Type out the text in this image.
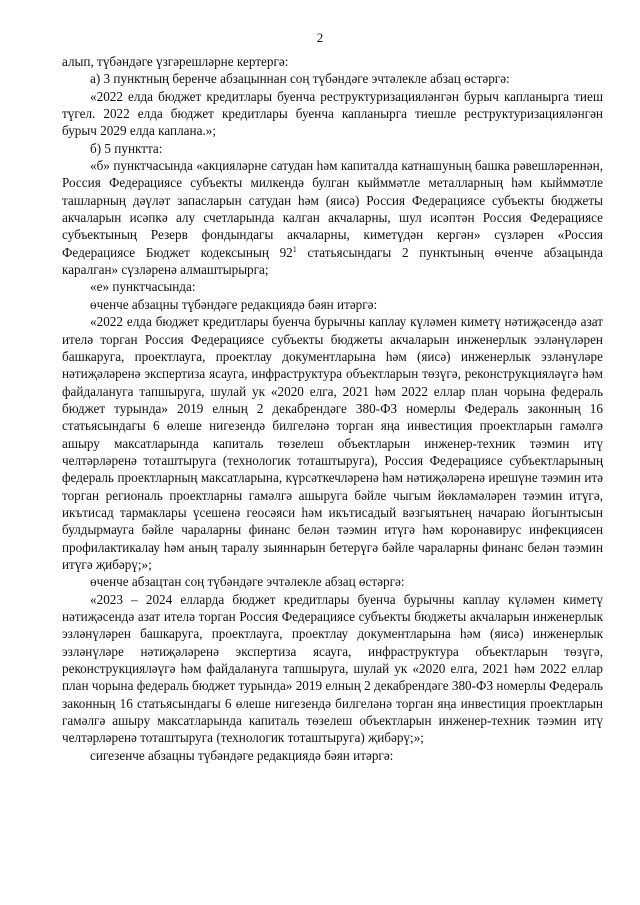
2

алып, түбәндәге үзгәрешләрне кертергә:

а) 3 пунктның беренче абзацыннан соң түбәндәге эчтәлекле абзац өстәргә:

«2022 елда бюджет кредитлары буенча реструктуризацияләнгән бурыч капланырга тиеш түгел. 2022 елда бюджет кредитлары буенча капланырга тиешле реструктуризацияләнгән бурыч 2029 елда каплана.»;

б) 5 пунктта:

«б» пунктчасында «акцияләрне сатудан һәм капиталда катнашуның башка рәвешләреннән, Россия Федерациясе субъекты милкендә булган кыйммәтле металларның һәм кыйммәтле ташларның дәүләт запасларын сатудан һәм (яисә) Россия Федерациясе субъекты бюджеты акчаларын исәпкә алу счетларында калган акчаларны, шул исәптән Россия Федерациясе субъектының Резерв фондындагы акчаларны, киметүдән кергән» сүзләрен «Россия Федерациясе Бюджет кодексының $92^1$ статьясындагы 2 пунктының өченче абзацында каралган» сүзләренә алмаштырырга;

«е» пунктчасында:

өченче абзацны түбәндәге редакциядә бәян итәргә:

«2022 елда бюджет кредитлары буенча бурычны каплау күләмен киметү нәтиҗәсендә азат ителә торган Россия Федерациясе субъекты бюджеты акчаларын инженерлык эзләнүләрен башкаруга, проектлауга, проектлау документларына һәм (яисә) инженерлык эзләнүләре нәтиҗәләренә экспертиза ясауга, инфраструктура объектларын төзүгә, реконструкцияләүгә һәм файдалануга тапшыруга, шулай ук «2020 елга, 2021 һәм 2022 еллар план чорына федераль бюджет турында» 2019 елның 2 декабрендәге 380-ФЗ номерлы Федераль законның 16 статьясындагы 6 өлеше нигезендә билгеләнә торган яңа инвестиция проектларын гамәлгә ашыру максатларында капиталь төзелеш объектларын инженер-техник тәэмин итү челтәрләренә тоташтыруга (технологик тоташтыруга), Россия Федерациясе субъектларының федераль проектларның максатларына, күрсәткечләренә һәм нәтиҗәләренә ирешүне тәэмин итә торган региональ проектларны гамәлгә ашыруга бәйле чыгым йөкләмәләрен тәэмин итүгә, икътисад тармаклары үсешенә геосәяси һәм икътисадый вәзгыятьнең начараю йогынтысын булдырмауга бәйле чараларны финанс белән тәэмин итүгә һәм коронавирус инфекциясен профилактикалау һәм аның таралу зыяннарын бетерүгә бәйле чараларны финанс белән тәэмин итүгә җибәрү;»;

өченче абзацтан соң түбәндәге эчтәлекле абзац өстәргә:

«2023 – 2024 елларда бюджет кредитлары буенча бурычны каплау күләмен киметү нәтиҗәсендә азат ителә торган Россия Федерациясе субъекты бюджеты акчаларын инженерлык эзләнүләрен башкаруга, проектлауга, проектлау документларына һәм (яисә) инженерлык эзләнүләре нәтиҗәләренә экспертиза ясауга, инфраструктура объектларын төзүгә, реконструкцияләүгә һәм файдалануга тапшыруга, шулай ук «2020 елга, 2021 һәм 2022 еллар план чорына федераль бюджет турында» 2019 елның 2 декабрендәге 380-ФЗ номерлы Федераль законның 16 статьясындагы 6 өлеше нигезендә билгеләнә торган яңа инвестиция проектларын гамәлгә ашыру максатларында капиталь төзелеш объектларын инженер-техник тәэмин итү челтәрләренә тоташтыруга (технологик тоташтыруга) җибәрү;»;

сигезенче абзацны түбәндәге редакциядә бәян итәргә:
